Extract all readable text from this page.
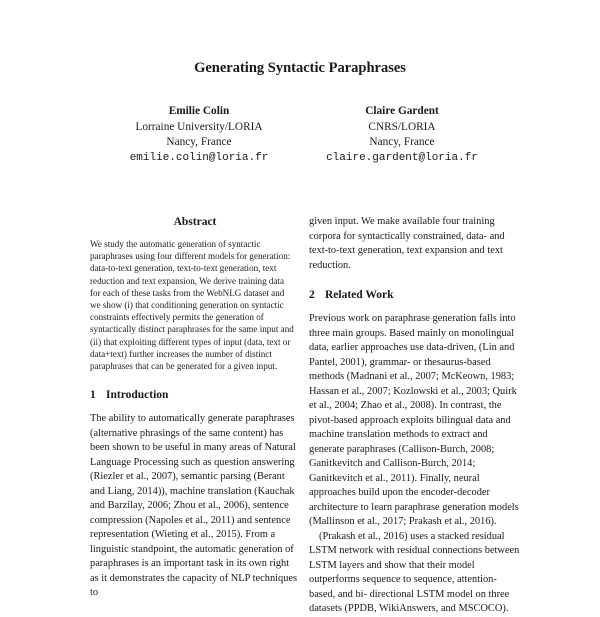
Generating Syntactic Paraphrases
Emilie Colin
Lorraine University/LORIA
Nancy, France
emilie.colin@loria.fr
Claire Gardent
CNRS/LORIA
Nancy, France
claire.gardent@loria.fr
Abstract

We study the automatic generation of syntactic paraphrases using four different models for generation: data-to-text generation, text-to-text generation, text reduction and text expansion, We derive training data for each of these tasks from the WebNLG dataset and we show (i) that conditioning generation on syntactic constraints effectively permits the generation of syntactically distinct paraphrases for the same input and (ii) that exploiting different types of input (data, text or data+text) further increases the number of distinct paraphrases that can be generated for a given input.

1 Introduction

The ability to automatically generate paraphrases (alternative phrasings of the same content) has been shown to be useful in many areas of Natural Language Processing such as question answering (Riezler et al., 2007), semantic parsing (Berant and Liang, 2014)), machine translation (Kauchak and Barzilay, 2006; Zhou et al., 2006), sentence compression (Napoles et al., 2011) and sentence representation (Wieting et al., 2015). From a linguistic standpoint, the automatic generation of paraphrases is an important task in its own right as it demonstrates the capacity of NLP techniques to

given input. We make available four training corpora for syntactically constrained, data- and text-to-text generation, text expansion and text reduction.

2 Related Work

Previous work on paraphrase generation falls into three main groups. Based mainly on monolingual data, earlier approaches use data-driven, (Lin and Pantel, 2001), grammar- or thesaurus-based methods (Madnani et al., 2007; McKeown, 1983; Hassan et al., 2007; Kozlowski et al., 2003; Quirk et al., 2004; Zhao et al., 2008). In contrast, the pivot-based approach exploits bilingual data and machine translation methods to extract and generate paraphrases (Callison-Burch, 2008; Ganitkevitch and Callison-Burch, 2014; Ganitkevitch et al., 2011). Finally, neural approaches build upon the encoder-decoder architecture to learn paraphrase generation models (Mallinson et al., 2017; Prakash et al., 2016).

(Prakash et al., 2016) uses a stacked residual LSTM network with residual connections between LSTM layers and show that their model outperforms sequence to sequence, attention-based, and bi- directional LSTM model on three datasets (PPDB, WikiAnswers, and MSCOCO).
